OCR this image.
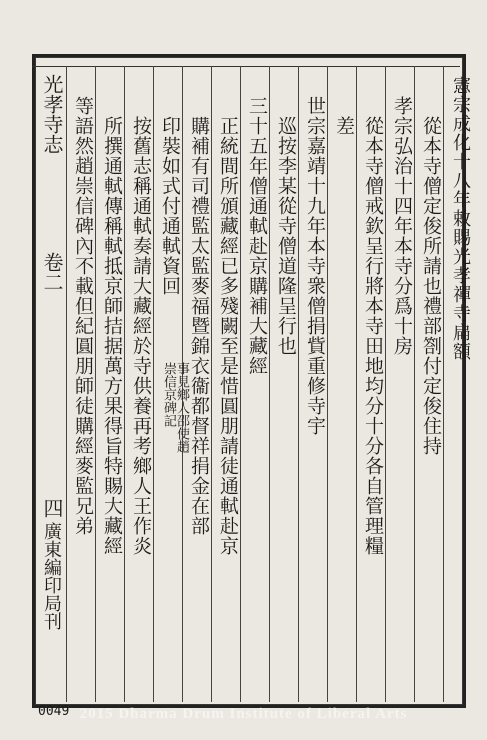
光孝寺志
卷二
四
廣東編印局刊
憲宗成化十八年敕賜光孝禪寺扁額
從本寺僧定俊所請也禮部劄付定俊住持
孝宗弘治十四年本寺分爲十房
從本寺僧戒欽呈行將本寺田地均分十分各自管理糧
差
世宗嘉靖十九年本寺衆僧捐貲重修寺宇
巡按李某從寺僧道隆呈行也
三十五年僧通軾赴京購補大藏經
正統間所頒藏經已多殘闕至是惜圓朋請徒通軾赴京
購補有司禮監太監麥福暨錦衣衞都督祥捐金在部
印裝如式付通軾資回
事見鄉人邵使趙
崇信京碑記
按舊志稱通軾奏請大藏經於寺供養再考鄉人王作炎
所撰通軾傳稱軾抵京師拮据萬方果得旨特賜大藏經
0049 2015 Dharma Drum Institute of Liberal Arts
等語然趙崇信碑內不載但紀圓朋師徒購經麥監兄弟
